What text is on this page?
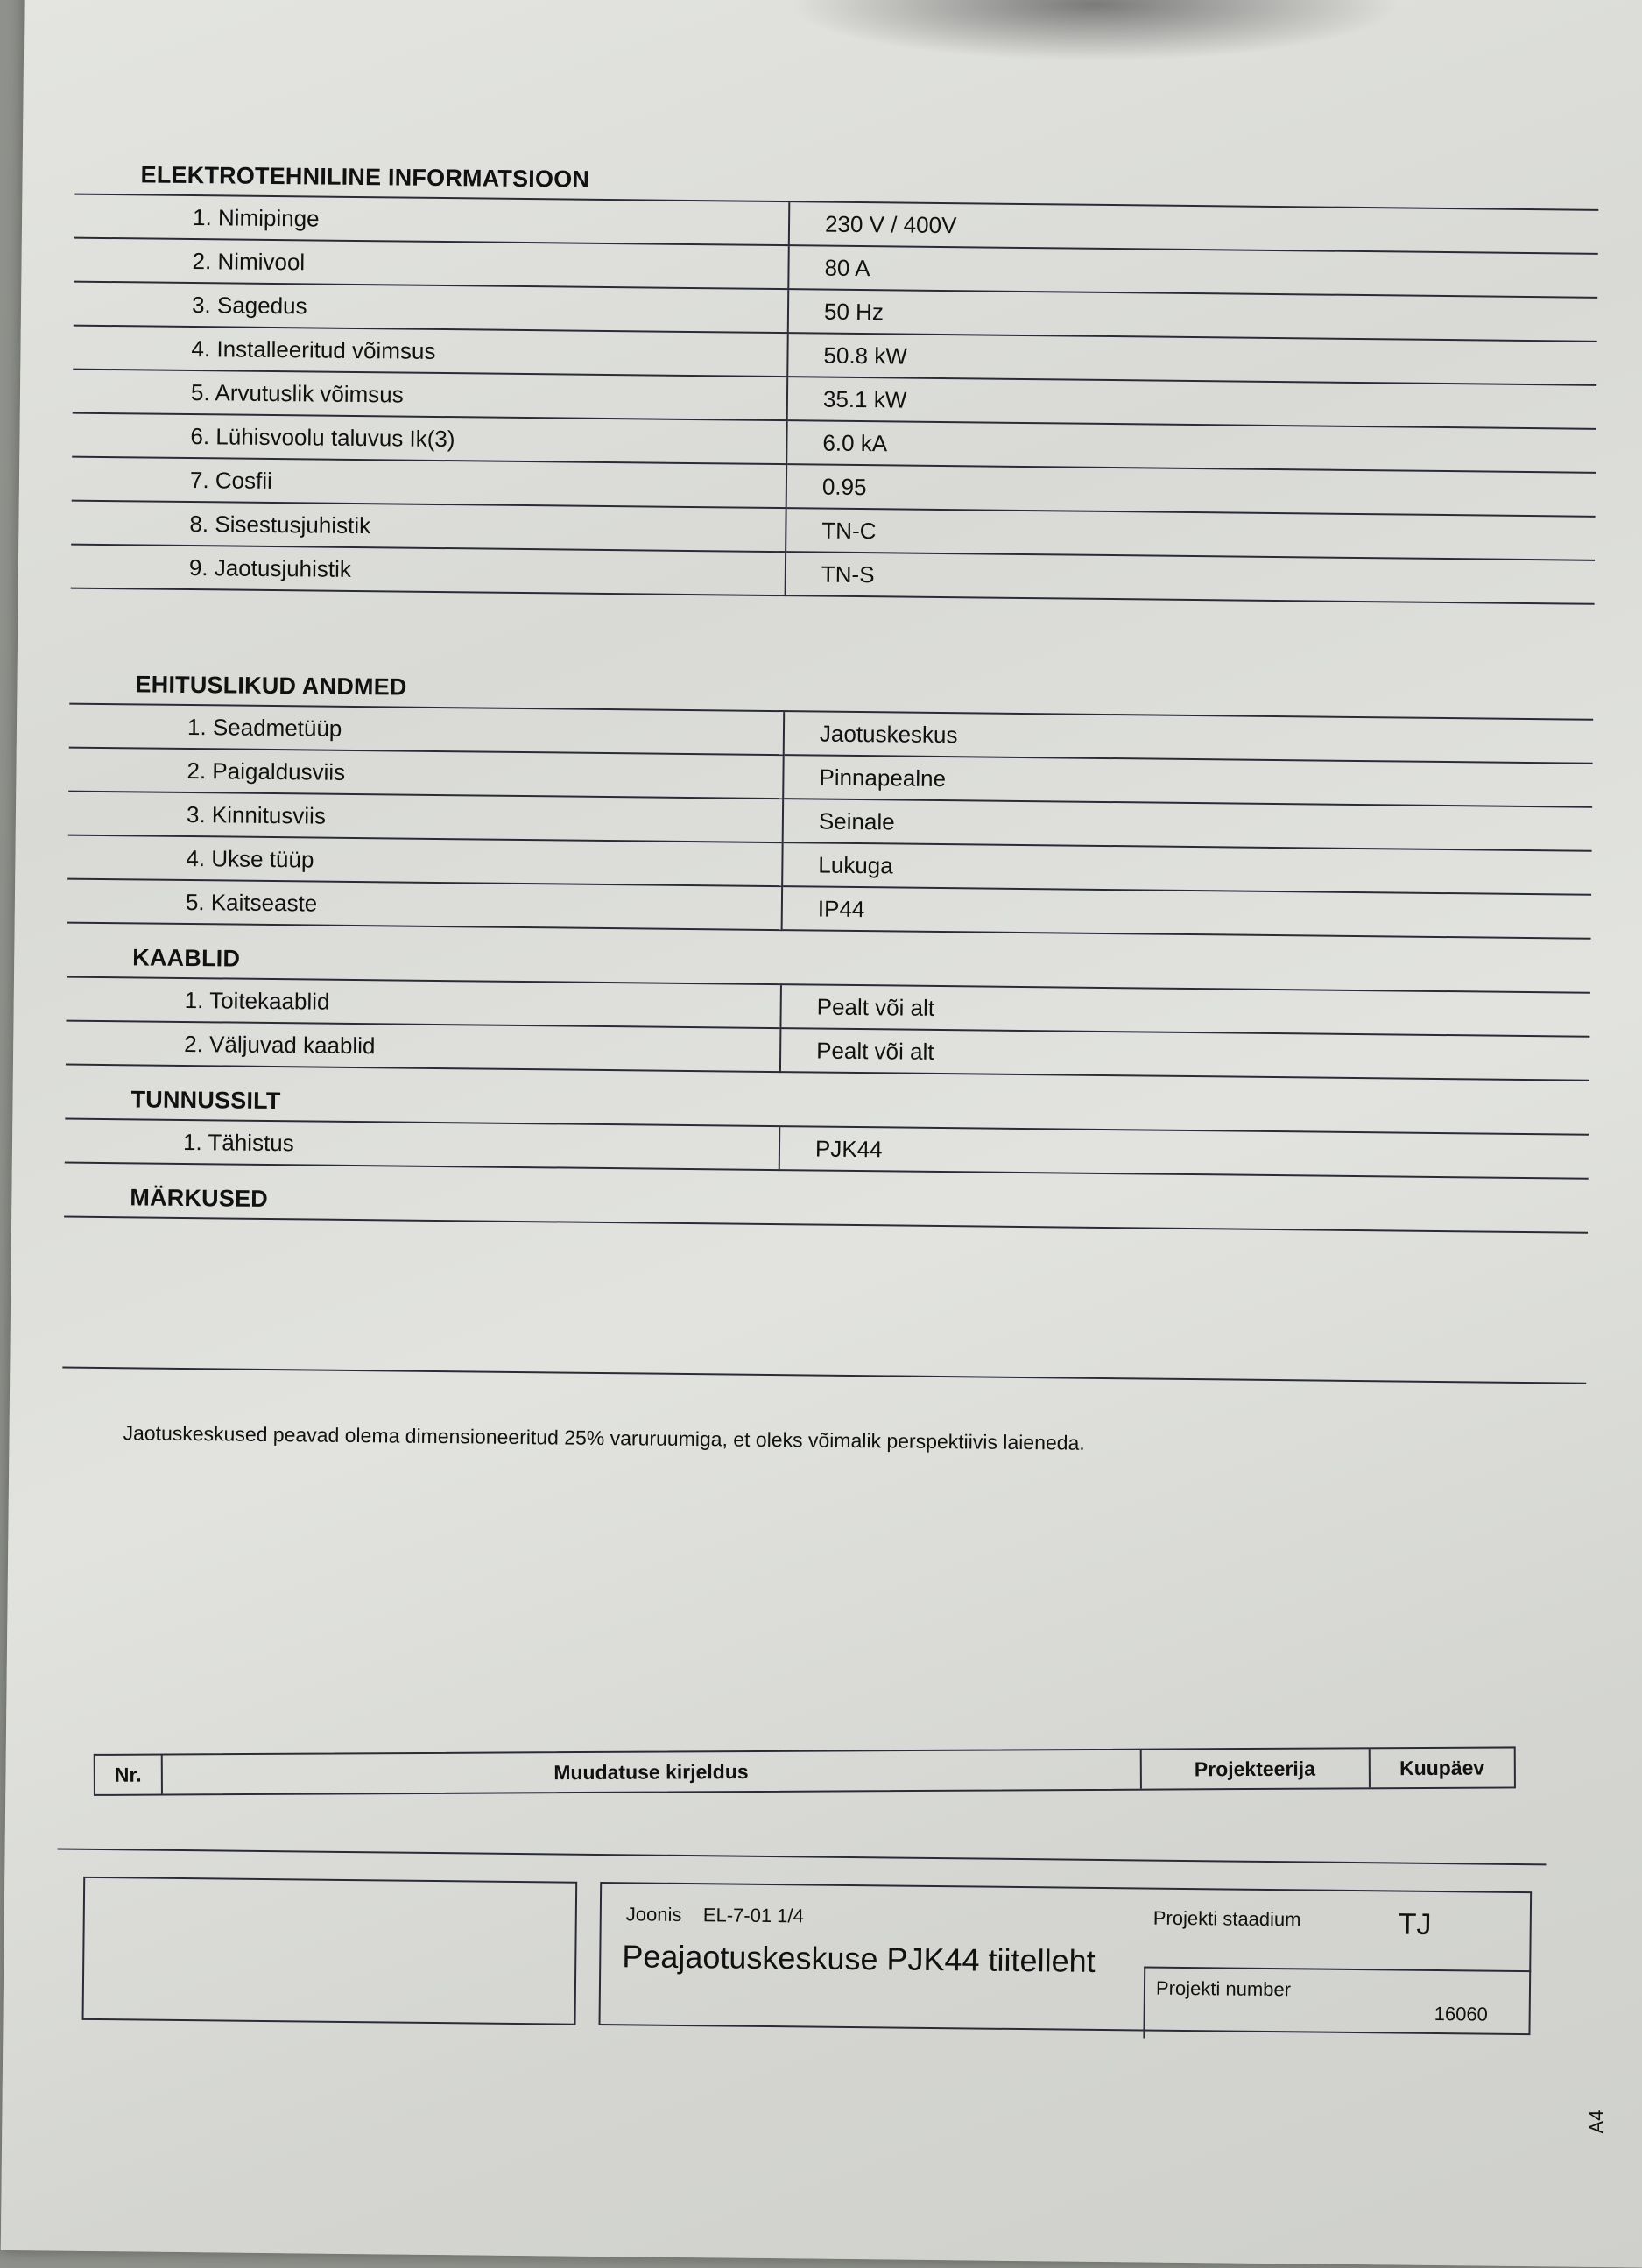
ELEKTROTEHNILINE INFORMATSIOON
1. Nimipinge	230 V / 400V
2. Nimivool	80 A
3. Sagedus	50 Hz
4. Installeeritud võimsus	50.8 kW
5. Arvutuslik võimsus	35.1 kW
6. Lühisvoolu taluvus Ik(3)	6.0 kA
7. Cosfii	0.95
8. Sisestusjuhistik	TN-C
9. Jaotusjuhistik	TN-S
EHITUSLIKUD ANDMED
1. Seadmetüüp	Jaotuskeskus
2. Paigaldusviis	Pinnapealne
3. Kinnitusviis	Seinale
4. Ukse tüüp	Lukuga
5. Kaitseaste	IP44
KAABLID
1. Toitekaablid	Pealt või alt
2. Väljuvad kaablid	Pealt või alt
TUNNUSSILT
1. Tähistus	PJK44
MÄRKUSED
Jaotuskeskused peavad olema dimensioneeritud 25% varuruumiga, et oleks võimalik perspektiivis laieneda.
Nr.	Muudatuse kirjeldus	Projekteerija	Kuupäev
Joonis EL-7-01 1/4
Peajaotuskeskuse PJK44 tiitelleht
Projekti staadium	TJ
Projekti number
16060
A4
